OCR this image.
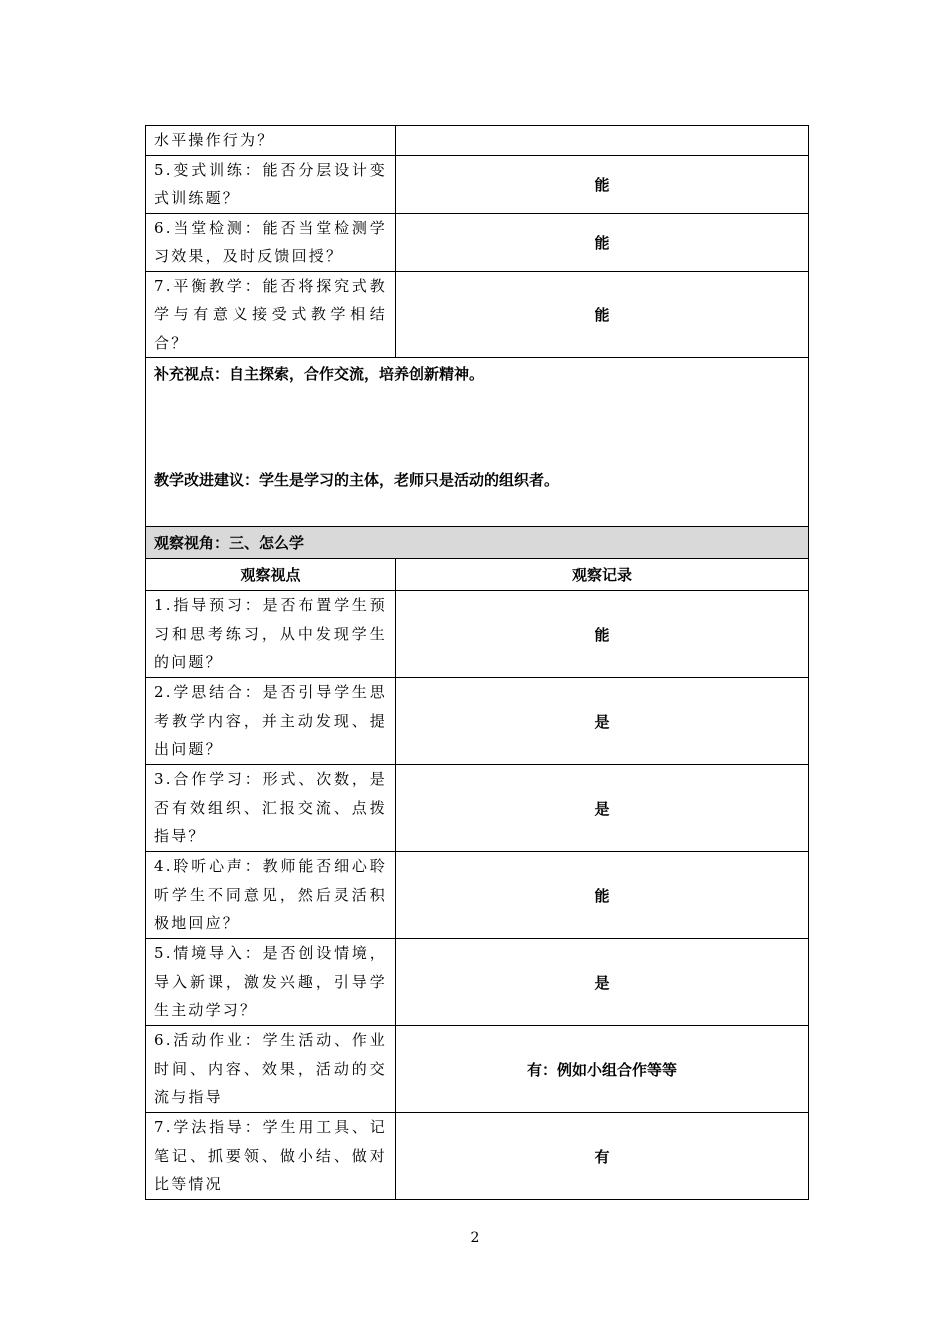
水平操作行为？	
5.变式训练：能否分层设计变式训练题？	能
6.当堂检测：能否当堂检测学习效果，及时反馈回授？	能
7.平衡教学：能否将探究式教学与有意义接受式教学相结合？	能

补充视点：自主探索，合作交流，培养创新精神。
教学改进建议：学生是学习的主体，老师只是活动的组织者。	

观察视角：三、怎么学	
观察视点	观察记录
1.指导预习：是否布置学生预习和思考练习，从中发现学生的问题？	能
2.学思结合：是否引导学生思考教学内容，并主动发现、提出问题？	是
3.合作学习：形式、次数，是否有效组织、汇报交流、点拨指导？	是
4.聆听心声：教师能否细心聆听学生不同意见，然后灵活积极地回应？	能
5.情境导入：是否创设情境，导入新课，激发兴趣，引导学生主动学习？	是
6.活动作业：学生活动、作业时间、内容、效果，活动的交流与指导	有：例如小组合作等等
7.学法指导：学生用工具、记笔记、抓要领、做小结、做对比等情况	有
2
